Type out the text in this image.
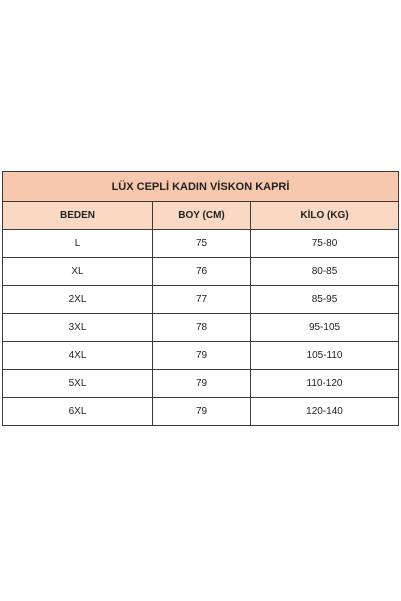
LÜX CEPLİ KADIN VİSKON KAPRİ		
BEDEN	BOY (CM)	KİLO (KG)
L	75	75-80
XL	76	80-85
2XL	77	85-95
3XL	78	95-105
4XL	79	105-110
5XL	79	110-120
6XL	79	120-140
